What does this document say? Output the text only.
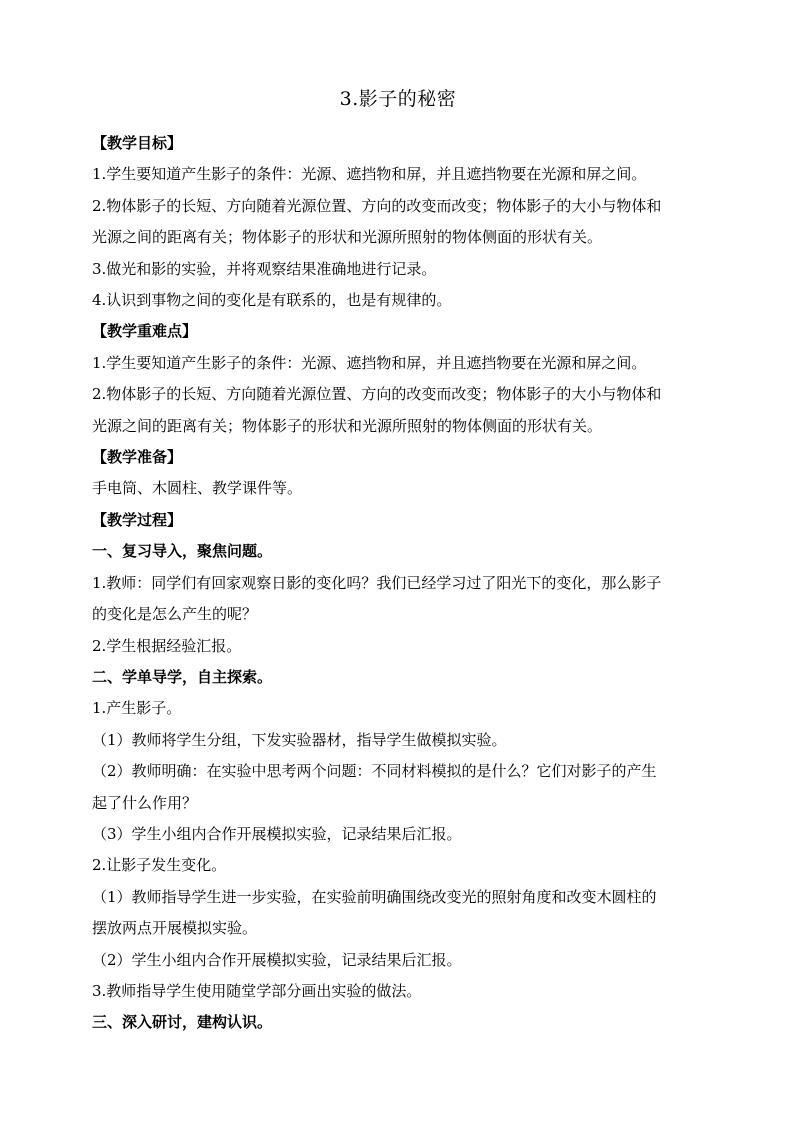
3.影子的秘密

【教学目标】

1.学生要知道产生影子的条件：光源、遮挡物和屏，并且遮挡物要在光源和屏之间。

2.物体影子的长短、方向随着光源位置、方向的改变而改变；物体影子的大小与物体和

光源之间的距离有关；物体影子的形状和光源所照射的物体侧面的形状有关。

3.做光和影的实验，并将观察结果准确地进行记录。

4.认识到事物之间的变化是有联系的，也是有规律的。

【教学重难点】

1.学生要知道产生影子的条件：光源、遮挡物和屏，并且遮挡物要在光源和屏之间。

2.物体影子的长短、方向随着光源位置、方向的改变而改变；物体影子的大小与物体和

光源之间的距离有关；物体影子的形状和光源所照射的物体侧面的形状有关。

【教学准备】

手电筒、木圆柱、教学课件等。

【教学过程】

一、复习导入，聚焦问题。

1.教师：同学们有回家观察日影的变化吗？我们已经学习过了阳光下的变化，那么影子

的变化是怎么产生的呢？

2.学生根据经验汇报。

二、学单导学，自主探索。

1.产生影子。

（1）教师将学生分组，下发实验器材，指导学生做模拟实验。

（2）教师明确：在实验中思考两个问题：不同材料模拟的是什么？它们对影子的产生

起了什么作用？

（3）学生小组内合作开展模拟实验，记录结果后汇报。

2.让影子发生变化。

（1）教师指导学生进一步实验，在实验前明确围绕改变光的照射角度和改变木圆柱的

摆放两点开展模拟实验。

（2）学生小组内合作开展模拟实验，记录结果后汇报。

3.教师指导学生使用随堂学部分画出实验的做法。

三、深入研讨，建构认识。
